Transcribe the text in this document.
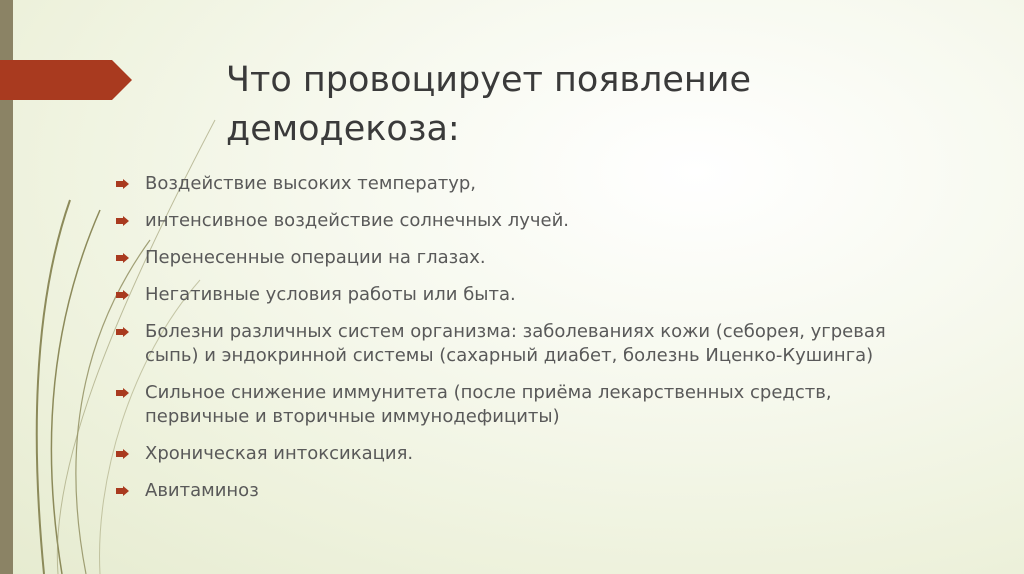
Что провоцирует появление
демодекоза:
Воздействие высоких температур,
интенсивное воздействие солнечных лучей.
Перенесенные операции на глазах.
Негативные условия работы или быта.
Болезни различных систем организма: заболеваниях кожи (себорея, угревая сыпь) и эндокринной системы (сахарный диабет, болезнь Иценко-Кушинга)
Сильное снижение иммунитета (после приёма лекарственных средств, первичные и вторичные иммунодефициты)
Хроническая интоксикация.
Авитаминоз
